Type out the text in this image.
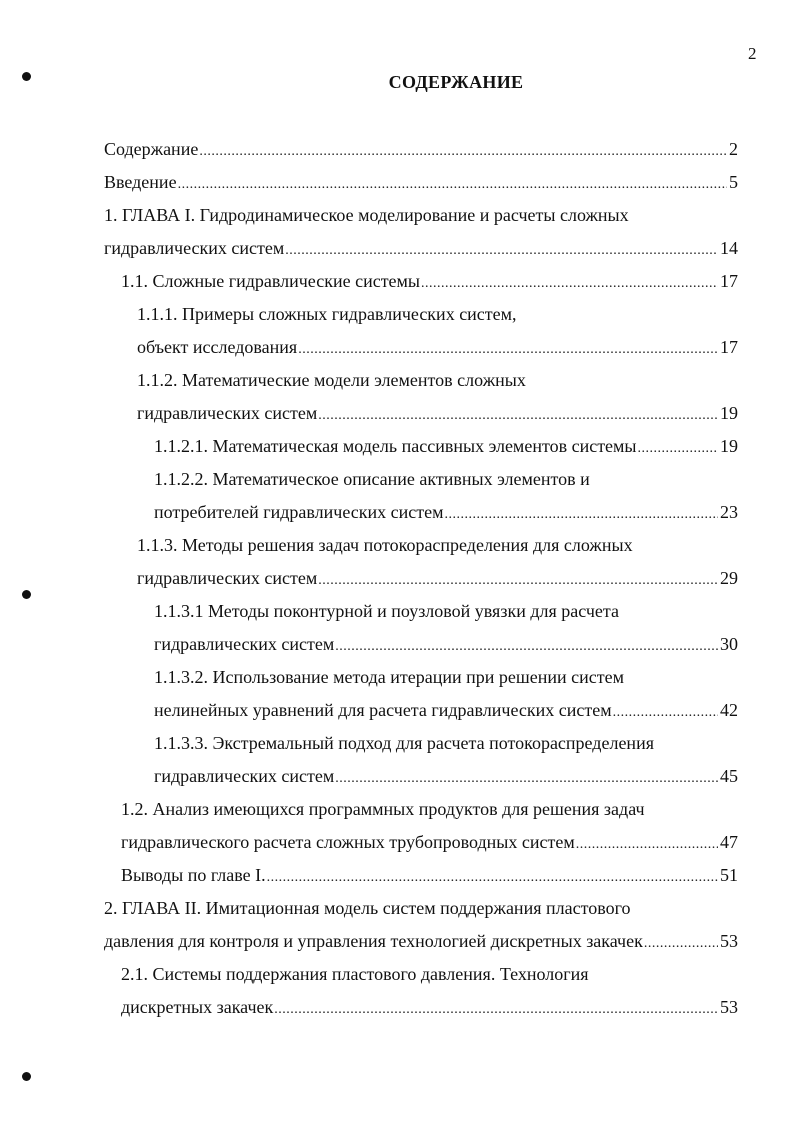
2
СОДЕРЖАНИЕ
Содержание .....	2
Введение .....	5
1. ГЛАВА I. Гидродинамическое моделирование и расчеты сложных
гидравлических систем .....	14
1.1. Сложные гидравлические системы .....	17
1.1.1. Примеры сложных гидравлических систем,
объект исследования .....	17
1.1.2. Математические модели элементов сложных
гидравлических систем .....	19
1.1.2.1. Математическая модель пассивных элементов системы .....	19
1.1.2.2. Математическое описание активных элементов и
потребителей гидравлических систем .....	23
1.1.3. Методы решения задач потокораспределения для сложных
гидравлических систем .....	29
1.1.3.1 Методы поконтурной и поузловой увязки для расчета
гидравлических систем .....	30
1.1.3.2. Использование метода итерации при решении систем
нелинейных уравнений для расчета гидравлических систем .....	42
1.1.3.3. Экстремальный подход для расчета потокораспределения
гидравлических систем .....	45
1.2. Анализ имеющихся программных продуктов для решения задач
гидравлического расчета сложных трубопроводных систем .....	47
Выводы по главе I. .....	51
2. ГЛАВА II. Имитационная модель систем поддержания пластового
давления для контроля и управления технологией дискретных закачек .....	53
2.1. Системы поддержания пластового давления. Технология
дискретных закачек .....	53
